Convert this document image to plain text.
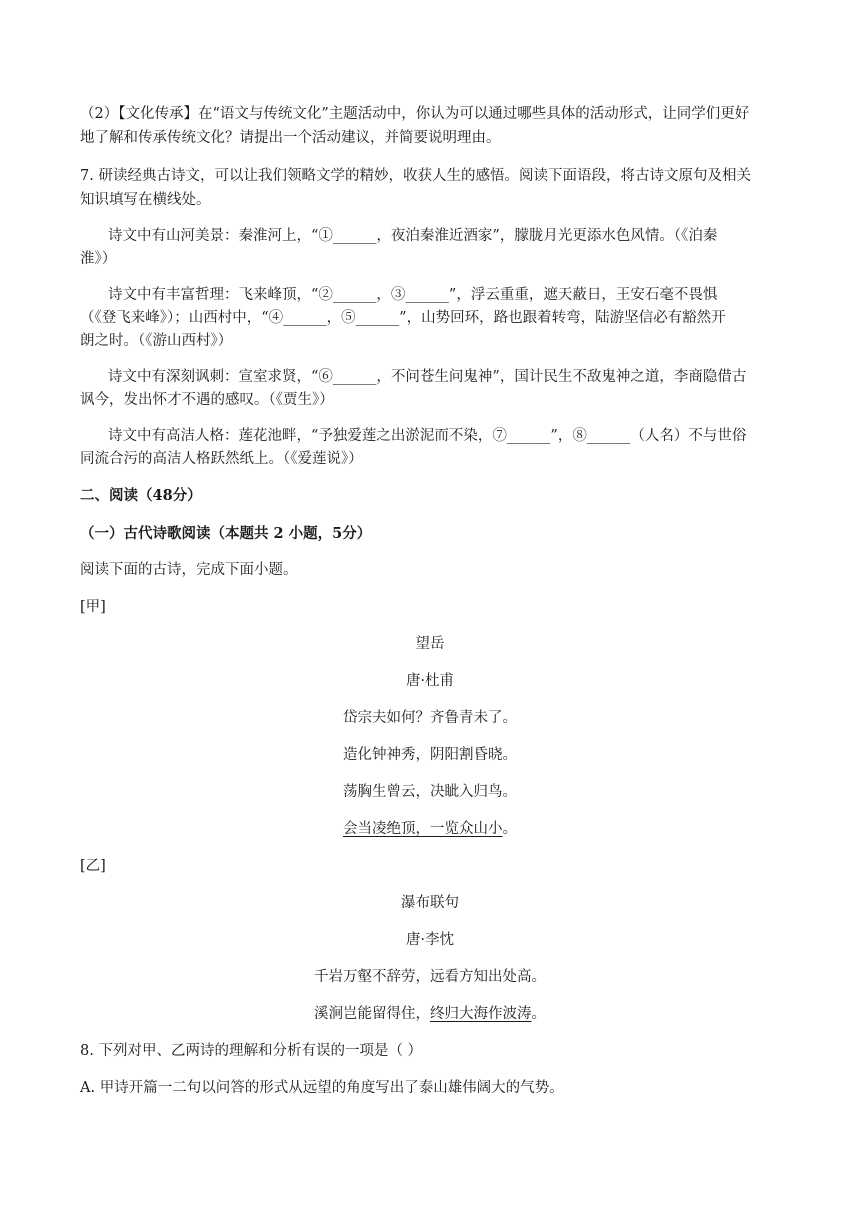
（2）【文化传承】在“语文与传统文化”主题活动中，你认为可以通过哪些具体的活动形式，让同学们更好
地了解和传承传统文化？请提出一个活动建议，并简要说明理由。
7. 研读经典古诗文，可以让我们领略文学的精妙，收获人生的感悟。阅读下面语段，将古诗文原句及相关
知识填写在横线处。
诗文中有山河美景：秦淮河上，“①______，夜泊秦淮近酒家”，朦胧月光更添水色风情。（《泊秦
淮》）
诗文中有丰富哲理：飞来峰顶，“②______，③______”，浮云重重，遮天蔽日，王安石毫不畏惧
（《登飞来峰》）；山西村中，“④______，⑤______”，山势回环，路也跟着转弯，陆游坚信必有豁然开
朗之时。（《游山西村》）
诗文中有深刻讽刺：宣室求贤，“⑥______，不问苍生问鬼神”，国计民生不敌鬼神之道，李商隐借古
讽今，发出怀才不遇的感叹。（《贾生》）
诗文中有高洁人格：莲花池畔，“予独爱莲之出淤泥而不染，⑦______”，⑧______（人名）不与世俗
同流合污的高洁人格跃然纸上。（《爱莲说》）
二、阅读（48分）
（一）古代诗歌阅读（本题共 2 小题，5分）
阅读下面的古诗，完成下面小题。
[甲]
望岳
唐·杜甫
岱宗夫如何？齐鲁青未了。
造化钟神秀，阴阳割昏晓。
荡胸生曾云，决眦入归鸟。
会当凌绝顶，一览众山小。
[乙]
瀑布联句
唐·李忱
千岩万壑不辞劳，远看方知出处高。
溪涧岂能留得住，终归大海作波涛。
8. 下列对甲、乙两诗的理解和分析有误的一项是（ ）
A. 甲诗开篇一二句以问答的形式从远望的角度写出了泰山雄伟阔大的气势。
